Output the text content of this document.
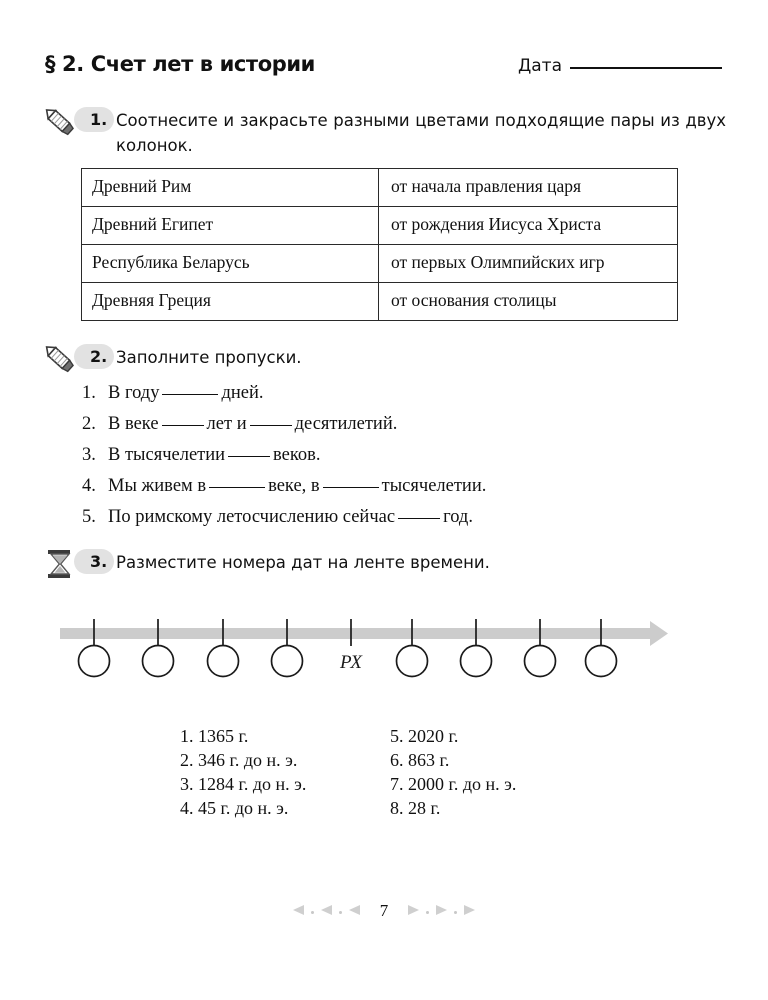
§ 2. Счет лет в истории	Дата
1. Соотнесите и закрасьте разными цветами подходящие пары из двух колонок.
Древний Рим	от начала правления царя
Древний Египет	от рождения Иисуса Христа
Республика Беларусь	от первых Олимпийских игр
Древняя Греция	от основания столицы
2. Заполните пропуски.
1. В году	дней.
2. В веке	лет и	десятилетий.
3. В тысячелетии	веков.
4. Мы живем в	веке, в	тысячелетии.
5. По римскому летосчислению сейчас	год.
3. Разместите номера дат на ленте времени.
РХ
1. 1365 г.
2. 346 г. до н. э.
3. 1284 г. до н. э.
4. 45 г. до н. э.
5. 2020 г.
6. 863 г.
7. 2000 г. до н. э.
8. 28 г.
7
